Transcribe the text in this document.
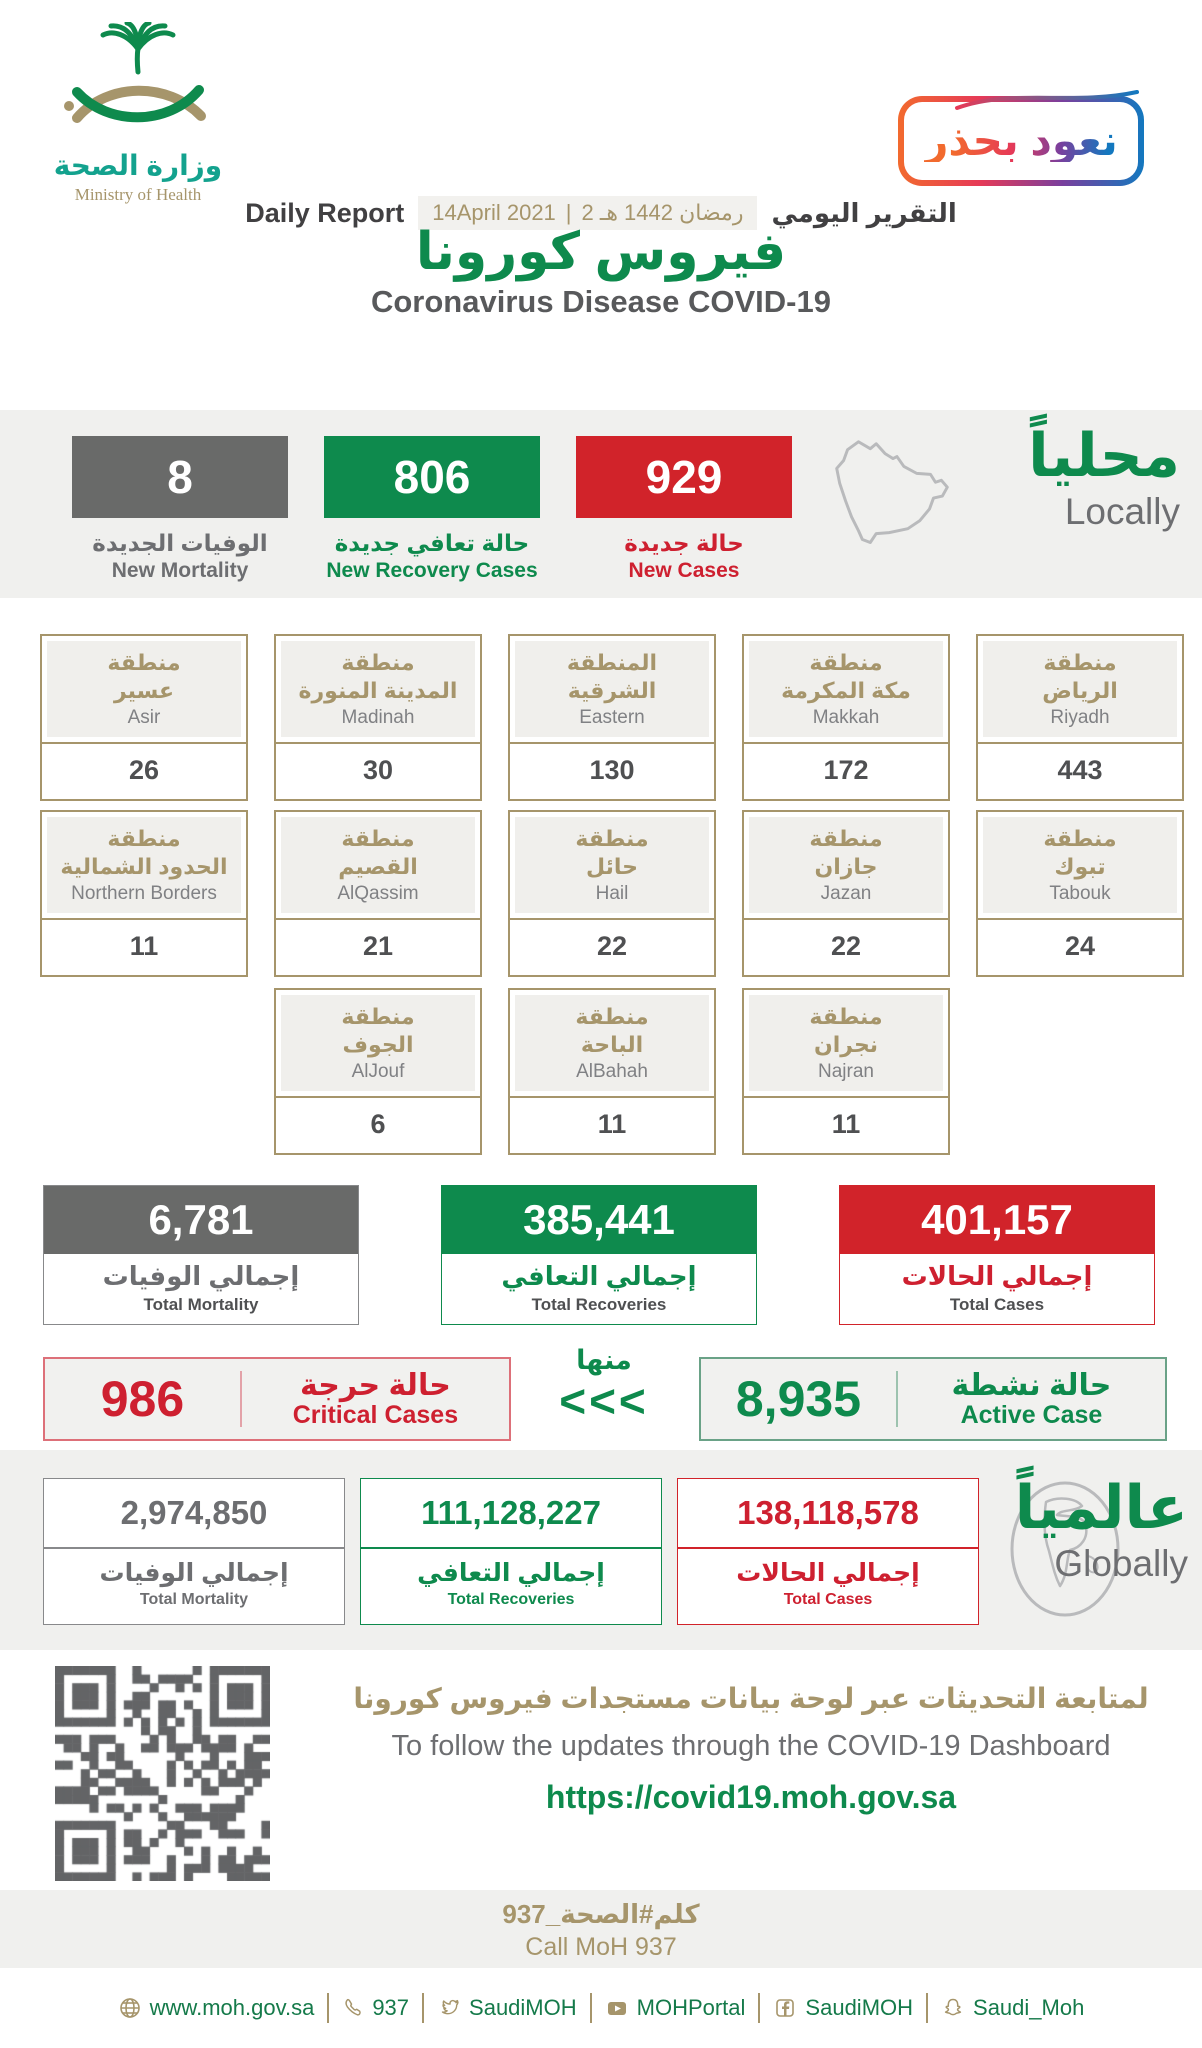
وزارة الصحة
Ministry of Health
نعود بحذر
Daily Report 14April 2021 | 2 رمضان 1442 هـ التقرير اليومي
فيروس كورونا
Coronavirus Disease COVID-19
8
الوفيات الجديدة
New Mortality
806
حالة تعافي جديدة
New Recovery Cases
929
حالة جديدة
New Cases
محلياً
Locally
منطقة
عسير
Asir
26
منطقة
المدينة المنورة
Madinah
30
المنطقة
الشرقية
Eastern
130
منطقة
مكة المكرمة
Makkah
172
منطقة
الرياض
Riyadh
443
منطقة
الحدود الشمالية
Northern Borders
11
منطقة
القصيم
AlQassim
21
منطقة
حائل
Hail
22
منطقة
جازان
Jazan
22
منطقة
تبوك
Tabouk
24
منطقة
الجوف
AlJouf
6
منطقة
الباحة
AlBahah
11
منطقة
نجران
Najran
11
6,781
إجمالي الوفيات
Total Mortality
385,441
إجمالي التعافي
Total Recoveries
401,157
إجمالي الحالات
Total Cases
986	حالة حرجة
Critical Cases
منها
<<<	8,935	حالة نشطة
Active Case
2,974,850
إجمالي الوفيات
Total Mortality
111,128,227
إجمالي التعافي
Total Recoveries
138,118,578
إجمالي الحالات
Total Cases
عالمياً
Globally
لمتابعة التحديثات عبر لوحة بيانات مستجدات فيروس كورونا
To follow the updates through the COVID-19 Dashboard
https://covid19.moh.gov.sa
كلم#الصحة_937
Call MoH 937
www.moh.gov.sa	937	SaudiMOH	MOHPortal	SaudiMOH	Saudi_Moh
